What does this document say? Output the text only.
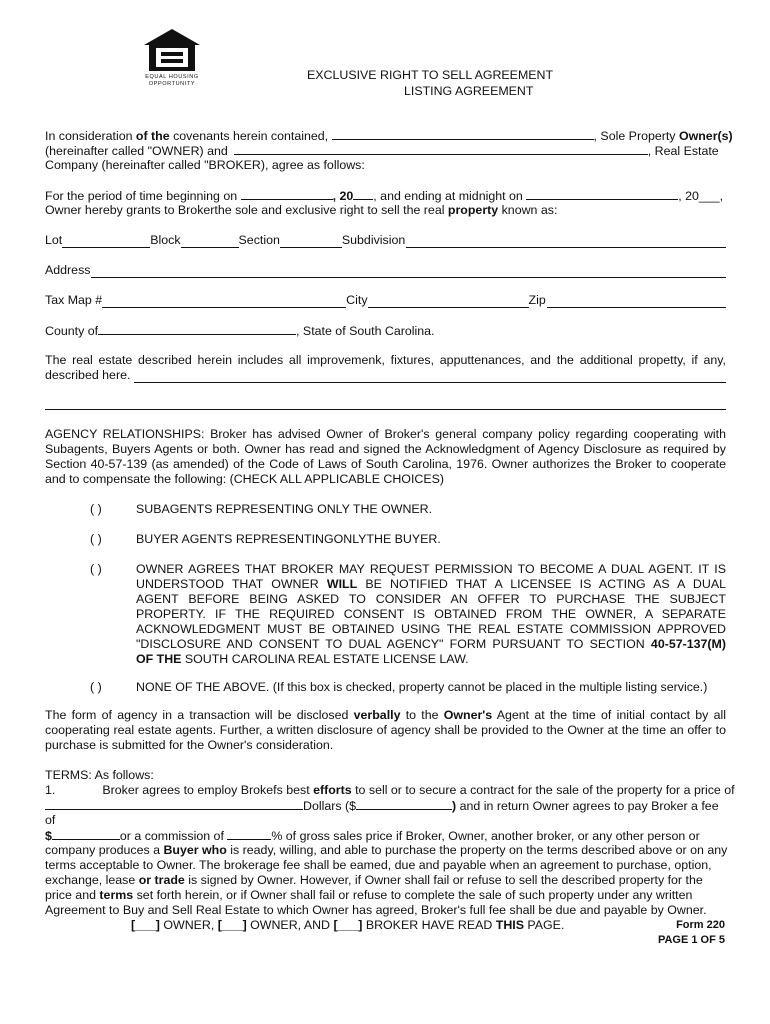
EQUAL HOUSING
OPPORTUNITY
EXCLUSIVE RIGHT TO SELL AGREEMENT
LISTING AGREEMENT
In consideration of the covenants herein contained,	, Sole Property Owner(s)
(hereinafter called "OWNER) and	, Real Estate
Company (hereinafter called "BROKER), agree as follows:
For the period of time beginning on	, 20 , and ending at midnight on	, 20___,
Owner hereby grants to Brokerthe sole and exclusive right to sell the real property known as:
Lot	Block	Section	Subdivision
Address
Tax Map #	City	Zip
County of	, State of South Carolina.
The real estate described herein includes all improvemenk, fixtures, apputtenances, and the additional propetty, if any,
described here.
AGENCY RELATIONSHIPS: Broker has advised Owner of Broker's general company policy regarding cooperating with
Subagents, Buyers Agents or both. Owner has read and signed the Acknowledgment of Agency Disclosure as required by
Section 40-57-139 (as amended) of the Code of Laws of South Carolina, 1976. Owner authorizes the Broker to cooperate
and to compensate the following: (CHECK ALL APPLICABLE CHOICES)
( )	SUBAGENTS REPRESENTING ONLY THE OWNER.
( )	BUYER AGENTS REPRESENTINGONLYTHE BUYER.
( )	OWNER AGREES THAT BROKER MAY REQUEST PERMISSION TO BECOME A DUAL AGENT. IT IS
UNDERSTOOD THAT OWNER WILL BE NOTIFIED THAT A LICENSEE IS ACTING AS A DUAL
AGENT BEFORE BEING ASKED TO CONSIDER AN OFFER TO PURCHASE THE SUBJECT
PROPERTY. IF THE REQUIRED CONSENT IS OBTAINED FROM THE OWNER, A SEPARATE
ACKNOWLEDGMENT MUST BE OBTAINED USING THE REAL ESTATE COMMISSION APPROVED
"DISCLOSURE AND CONSENT TO DUAL AGENCY" FORM PURSUANT TO SECTION 40-57-137(M)
OF THE SOUTH CAROLINA REAL ESTATE LICENSE LAW.
( )	NONE OF THE ABOVE. (If this box is checked, property cannot be placed in the multiple listing service.)
The form of agency in a transaction will be disclosed verbally to the Owner's Agent at the time of initial contact by all
cooperating real estate agents. Further, a written disclosure of agency shall be provided to the Owner at the time an offer to
purchase is submitted for the Owner's consideration.
TERMS: As follows:
1.	Broker agrees to employ Brokefs best efforts to sell or to secure a contract for the sale of the property for a price of
Dollars ($	) and in return Owner agrees to pay Broker a fee
of
$	or a commission of	% of gross sales price if Broker, Owner, another broker, or any other person or
company produces a Buyer who is ready, willing, and able to purchase the property on the terms described above or on any
terms acceptable to Owner. The brokerage fee shall be eamed, due and payable when an agreement to purchase, option,
exchange, lease or trade is signed by Owner. However, if Owner shall fail or refuse to sell the described property for the
price and terms set forth herein, or if Owner shall fail or refuse to complete the sale of such property under any written
Agreement to Buy and Sell Real Estate to which Owner has agreed, Broker's full fee shall be due and payable by Owner.
[___] OWNER, [___] OWNER, AND [___] BROKER HAVE READ THIS PAGE.	Form 220
PAGE 1 OF 5
